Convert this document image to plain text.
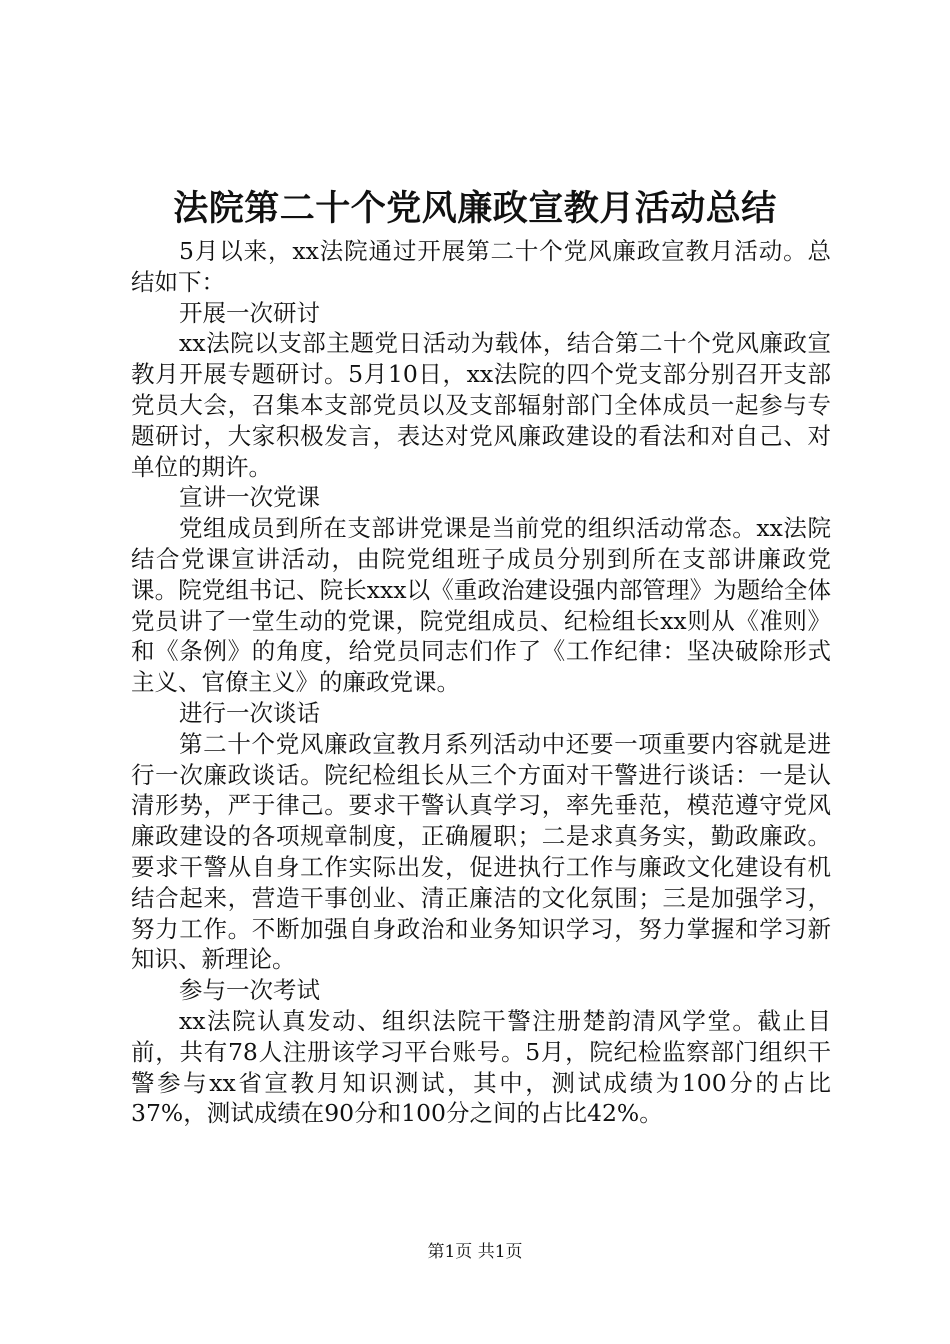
法院第二十个党风廉政宣教月活动总结

5月以来，xx法院通过开展第二十个党风廉政宣教月活动。总结如下：

开展一次研讨

xx法院以支部主题党日活动为载体，结合第二十个党风廉政宣教月开展专题研讨。5月10日，xx法院的四个党支部分别召开支部党员大会，召集本支部党员以及支部辐射部门全体成员一起参与专题研讨，大家积极发言，表达对党风廉政建设的看法和对自己、对单位的期许。

宣讲一次党课

党组成员到所在支部讲党课是当前党的组织活动常态。xx法院结合党课宣讲活动，由院党组班子成员分别到所在支部讲廉政党课。院党组书记、院长xxx以《重政治建设强内部管理》为题给全体党员讲了一堂生动的党课，院党组成员、纪检组长xx则从《准则》和《条例》的角度，给党员同志们作了《工作纪律：坚决破除形式主义、官僚主义》的廉政党课。

进行一次谈话

第二十个党风廉政宣教月系列活动中还要一项重要内容就是进行一次廉政谈话。院纪检组长从三个方面对干警进行谈话：一是认清形势，严于律己。要求干警认真学习，率先垂范，模范遵守党风廉政建设的各项规章制度，正确履职；二是求真务实，勤政廉政。要求干警从自身工作实际出发，促进执行工作与廉政文化建设有机结合起来，营造干事创业、清正廉洁的文化氛围；三是加强学习，努力工作。不断加强自身政治和业务知识学习，努力掌握和学习新知识、新理论。

参与一次考试

xx法院认真发动、组织法院干警注册楚韵清风学堂。截止目前，共有78人注册该学习平台账号。5月，院纪检监察部门组织干警参与xx省宣教月知识测试，其中，测试成绩为100分的占比37%，测试成绩在90分和100分之间的占比42%。

第1页 共1页
